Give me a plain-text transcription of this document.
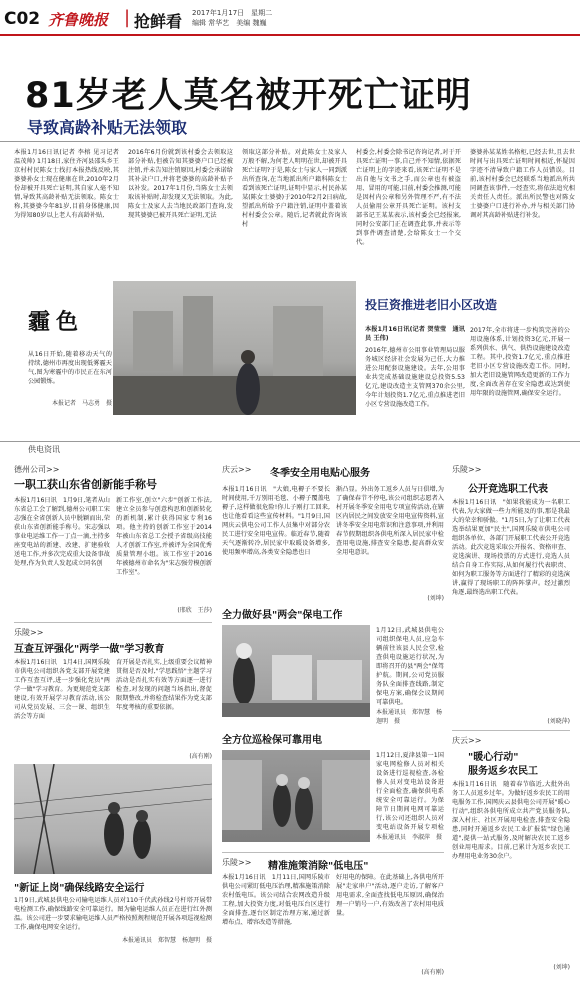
C02 齐鲁晚报 | 抢鲜看 2017年1月17日　星期二
编辑 常华艺　美编 魏巍
81岁老人莫名被开死亡证明
导致高龄补贴无法领取
本报1月16日讯(记者 李榕 见习记者 温茂帅) 1月18日,家住齐河县邵头乡王京村村民陈女士找打本报热线反映,其婆婆孙女士现在健康在世,2010年2月份却被开具死亡证明,其自家人毫不知情,导致其高龄补贴无法领取。陈女士称,其婆婆今年81岁,目前身体健康,因为得知80岁以上老人有高龄补贴,
2016年6月份就到该村委会去领取这部分补贴,但被告知其婆婆户口已经被注销,并未告知注销原因,村委会承诺给其补录户口,并将老婆婆的高龄补贴予以补发。2017年1月份,当陈女士去领取该补贴时,却发现又无法领取。为此,陈女士及家人去当地民政部门查询,发现其婆婆已被开具死亡证明,无法
领取这部分补贴。对此陈女士及家人万般不解,为何老人明明在世,却被开具死亡证明?于是,陈女士与家人一同到派出所查询,在当地派出所户籍科陈女士看到该死亡证明,证明中显示,村民孙某某(陈女士婆婆)于2010年2月2日病故,望派出所给予户籍注销,证明中盖着该村村委会公章。随后,记者就此咨询该村
村委会,村委会除书记咨询记者,对于开具死亡证明一事,自己并不知情,依据死亡证明上的字迹来看,该死亡证明不是出自他与文书之手,而公章也有被盗用、冒用的可能,目前,村委会推测,可能是因村内公章和另外管理不严,有不法人员偷用公章开具死亡证明。该村支部书记王某某表示,该村委会已经报案,同时公安部门正在调查此事,并表示等到事件调查清楚,会给陈女士一个交代。
婆婆孙某某姓名格柜,已经去世,且去世时间与出具死亡证明时间相近,怀疑因字迹不清导致户籍工作人员错误。目前,该村村委会已经联系当地派出所共同调查该事件,一经查实,将依法追究相关责任人责任。派出所民警也对陈女士婆婆户口进行补办,并与相关部门协调对其高龄补贴进行补发。
霾色
从16日开始,随着移动天气的持续,德州市再度出现低雾霾天气,图为寒霾中的市民正在东河公园锻炼。
本报记者　马志勇　摄
投巨资推进老旧小区改造
本报1月16日讯(记者 贺莹莹　通讯员 王伟)
2016年,德州市公用事业管理局以服务城区经济社会发展为己任,大力推进公用配套设施建设。去年,公用事业共完成基础设施建设总投资5.53亿元,建设改造主支管网370余公里,今年计划投资1.7亿元,重点推进老旧小区专营设施改造工作。
2017年,全市将进一步构筑完善的公用设施体系,计划投资3亿元,开展一系列供水、供气、供热设施建设改造工程。其中,投资1.7亿元,重点推进老旧小区专营设施改造工作。同时,加大老旧设施管网改造更新的工作力度,全面改善存在安全隐患或达到使用年限的设施管网,确保安全运行。
供电资讯
德州公司>>
一职工获山东省创新能手称号
本报1月16日讯　1月9日,笔者从山东省总工会了解到,德州公司职工宋志强在全省创新人员中脱颖而出,荣获山东省创新能手称号。宋志强以事业电运维工作一丁点一滴,主持多座变电站的新建、改建、扩建验收送电工作,并多次完成重大设备事故处理,作为负责人发起成立同名创
新工作室,创立"六步"创新工作法,建立全员参与创意构思和创新转化的新机制,累计获得国家专利16项。他主持的创新工作室于2014年被山东省总工会授予省级高技能人才创新工作室,并被评为全国优秀质量管理小组。该工作室于2016年被德州市命名为"宋志强劳模创新工作室"。
(邢欣　王莎)
乐陵>>
互查互评强化"两学一做"学习教育
本报1月16日讯　1月4日,国网乐陵市供电公司组织各党支部开展党建工作互查互评,进一步强化党员"两学一做"学习教育。为更规范党支部建设,有效开展学习教育活动,该公司从党员发展、三会一课、组织生活会等方面
育开展是否扎实,上级重要会议精神贯彻是否及时,"学思践悟"主题学习活动是否扎实有效等方面逐一进行检查,对发现的问题当场指出,督促限期整改,并将检查结果作为党支部年度考核的重要依据。
(高有刚)
"新证上岗"确保线路安全运行
1月9日,武城县供电公司输电运维人员对110千伏武孙线2号杆塔开展带电检测工作,确保线路安全可靠运行。图为输电运维人员正在进行红外测温。该公司进一步要求输电运维人员严格按照规程规范开展各项巡视检测工作,确保电网安全运行。
本报通讯员　郑智慧　杨迦明　摄
庆云>> 冬季安全用电贴心服务
本报1月16日讯　"大娘,电褥子不要长时间使用,千万别用毛毯、小褥子覆盖电褥子,这样做很危险!你儿子刚打工回来,也让他看看这些宣传材料。"1月9日,国网庆云供电公司工作人员集中对部分农民工进行安全用电宣传。临近春节,随着天气逐渐转冷,居民家中取暖设备增多,使用频率增高,各类安全隐患也日
渐凸显。外出务工返乡人员与日俱增,为了确保春节不停电,该公司组织志愿者入村开展冬季安全用电专项宣传活动,在辖区内居民之间发放安全用电宣传资料,宣讲冬季安全用电常识和注意事项,并利用春节假期组织各供电所深入居民家中检查用电设施,排查安全隐患,提高群众安全用电意识。
(刘坤)
全力做好县"两会"保电工作
1月12日,武城县供电公司组织保电人员,应急车辆前往该县人民会堂,检查供电设施运行状况,为即将召开的县"两会"保驾护航。期间,公司党员服务队全面排查线路,制定保电方案,确保会议期间可靠供电。
本报通讯员　郑智慧　杨迦明　摄
全方位巡检保可靠用电
1月12日,夏津县第一1国家电网检修人员对相关设备进行巡视检查,各检修人员对变电站设备进行全面检查,确保供电系统安全可靠运行。为保障节日期间电网可靠运行,该公司还组织人员对变电站设备开展专项检
本报通讯员　李淑萍　摄
乐陵>> 精准施策消除"低电压"
本报1月16日讯　1月11日,国网乐陵市供电公司紧盯低电压治理,精准施策消除农村低电压。该公司结合农网改造升级工程,加大投资力度,对低电压台区进行全面排查,逐台区制定治理方案,通过新增布点、增容改造等措施,
好用电的保障。在此基础上,各供电所开展"走家串户"活动,逐户走访,了解客户用电需求,全面查找低电压原因,确保治理一户销号一户,有效改善了农村用电质量。
(高有刚)
乐陵>>
公开竞选职工代表
本报1月16日讯　"如果我能成为一名职工代表,为大家做一些力所能及的事,那是我最大的荣幸和骄傲。"1月5日,为了让职工代表选举结果更加"民主",国网乐陵市供电公司组织各单位、各部门开展职工代表公开竞选活动。此次竞选采取公开报名、资格审查、竞选演讲、现场投票的方式进行,竞选人员结合自身工作实际,从如何履行代表职责、如何为职工服务等方面进行了精彩的竞选演讲,赢得了现场职工的阵阵掌声。经过激烈角逐,最终选出职工代表。
(刘晓萍)
庆云>>
"暖心行动"
服务返乡农民工
本报1月16日讯　随着春节临近,大批外出务工人员返乡过年。为做好返乡农民工的用电服务工作,国网庆云县供电公司开展"暖心行动",组织各供电所成立共产党员服务队,深入村庄、社区开展用电检查,排查安全隐患,同时开通返乡农民工业扩报装"绿色通道",提供一站式服务,及时解决农民工返乡创业用电需求。目前,已累计为返乡农民工办理用电业务30余户。
(刘坤)
